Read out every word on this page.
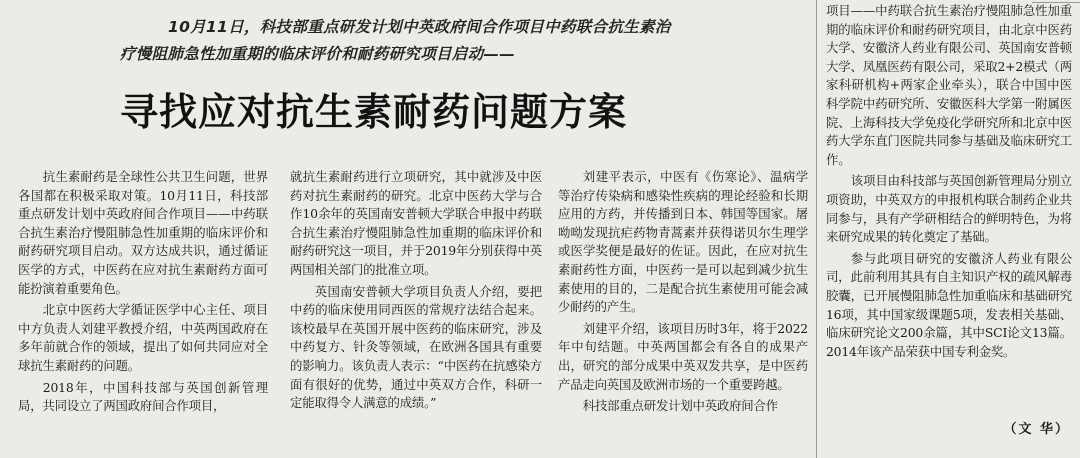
10月11日，科技部重点研发计划中英政府间合作项目中药联合抗生素治
疗慢阻肺急性加重期的临床评价和耐药研究项目启动——
寻找应对抗生素耐药问题方案

抗生素耐药是全球性公共卫生问题，世界各国都在积极采取对策。10月11日，科技部重点研发计划中英政府间合作项目——中药联合抗生素治疗慢阻肺急性加重期的临床评价和耐药研究项目启动。双方达成共识，通过循证医学的方式，中医药在应对抗生素耐药方面可能扮演着重要角色。

北京中医药大学循证医学中心主任、项目中方负责人刘建平教授介绍，中英两国政府在多年前就合作的领域，提出了如何共同应对全球抗生素耐药的问题。

2018年，中国科技部与英国创新管理局，共同设立了两国政府间合作项目，

就抗生素耐药进行立项研究，其中就涉及中医药对抗生素耐药的研究。北京中医药大学与合作10余年的英国南安普顿大学联合申报中药联合抗生素治疗慢阻肺急性加重期的临床评价和耐药研究这一项目，并于2019年分别获得中英两国相关部门的批准立项。

英国南安普顿大学项目负责人介绍，要把中药的临床使用同西医的常规疗法结合起来。该校最早在英国开展中医药的临床研究，涉及中药复方、针灸等领域，在欧洲各国具有重要的影响力。该负责人表示：“中医药在抗感染方面有很好的优势，通过中英双方合作，科研一定能取得令人满意的成绩。”

刘建平表示，中医有《伤寒论》、温病学等治疗传染病和感染性疾病的理论经验和长期应用的方药，并传播到日本、韩国等国家。屠呦呦发现抗疟药物青蒿素并获得诺贝尔生理学或医学奖便是最好的佐证。因此，在应对抗生素耐药性方面，中医药一是可以起到减少抗生素使用的目的，二是配合抗生素使用可能会减少耐药的产生。

刘建平介绍，该项目历时3年，将于2022年中旬结题。中英两国都会有各自的成果产出，研究的部分成果中英双发共享，是中医药产品走向英国及欧洲市场的一个重要跨越。

科技部重点研发计划中英政府间合作

项目——中药联合抗生素治疗慢阻肺急性加重期的临床评价和耐药研究项目，由北京中医药大学、安徽济人药业有限公司、英国南安普顿大学、凤凰医药有限公司，采取2+2模式（两家科研机构+两家企业牵头），联合中国中医科学院中药研究所、安徽医科大学第一附属医院、上海科技大学免疫化学研究所和北京中医药大学东直门医院共同参与基础及临床研究工作。

该项目由科技部与英国创新管理局分别立项资助，中英双方的申报机构联合制药企业共同参与，具有产学研相结合的鲜明特色，为将来研究成果的转化奠定了基础。

参与此项目研究的安徽济人药业有限公司，此前利用其具有自主知识产权的疏风解毒胶囊，已开展慢阻肺急性加重临床和基础研究16项，其中国家级课题5项，发表相关基础、临床研究论文200余篇，其中SCI论文13篇。2014年该产品荣获中国专利金奖。

（文 华）
